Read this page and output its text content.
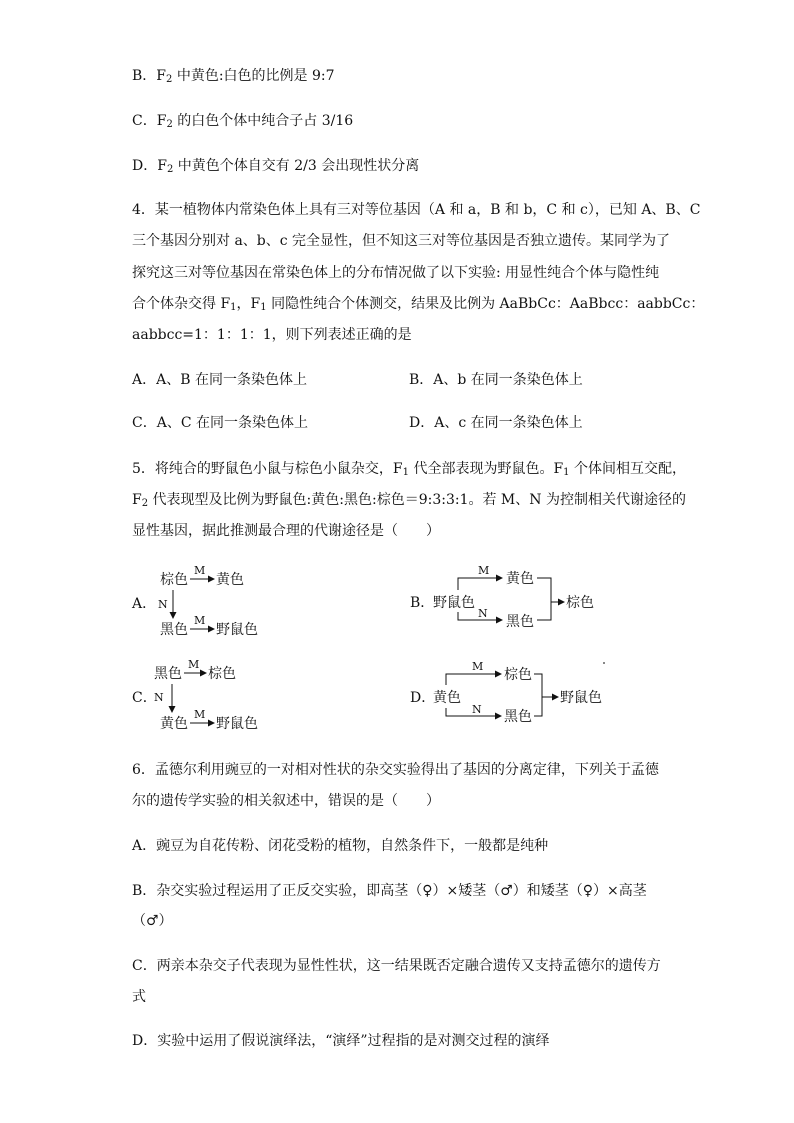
B．$F_2$ 中黄色:白色的比例是 9:7
C．$F_2$ 的白色个体中纯合子占 3/16
D．$F_2$ 中黄色个体自交有 2/3 会出现性状分离
4．某一植物体内常染色体上具有三对等位基因（A 和 a，B 和 b，C 和 c），已知 A、B、C
三个基因分别对 a、b、c 完全显性，但不知这三对等位基因是否独立遗传。某同学为了
探究这三对等位基因在常染色体上的分布情况做了以下实验: 用显性纯合个体与隐性纯
合个体杂交得 $F_1$，$F_1$ 同隐性纯合个体测交，结果及比例为 AaBbCc：AaBbcc：aabbCc：
aabbcc=1：1：1：1，则下列表述正确的是
A．A、B 在同一条染色体上	B．A、b 在同一条染色体上
C．A、C 在同一条染色体上	D．A、c 在同一条染色体上
5．将纯合的野鼠色小鼠与棕色小鼠杂交，$F_1$ 代全部表现为野鼠色。$F_1$ 个体间相互交配，
$F_2$ 代表现型及比例为野鼠色:黄色:黑色:棕色＝9:3:3:1。若 M、N 为控制相关代谢途径的
显性基因，据此推测最合理的代谢途径是（　　）
A．
棕色
M
黄色
N
黑色
M
野鼠色
B．
野鼠色
M
黄色
N
黑色
棕色
C．
黑色
M
棕色
N
黄色
M
野鼠色
D．
黄色
M
棕色
N 黑色
野鼠色
6．孟德尔利用豌豆的一对相对性状的杂交实验得出了基因的分离定律，下列关于孟德
尔的遗传学实验的相关叙述中，错误的是（　　）
A．豌豆为自花传粉、闭花受粉的植物，自然条件下，一般都是纯种
B．杂交实验过程运用了正反交实验，即高茎（♀）×矮茎（♂）和矮茎（♀）×高茎
（♂）
C．两亲本杂交子代表现为显性性状，这一结果既否定融合遗传又支持孟德尔的遗传方
式
D．实验中运用了假说演绎法，“演绎”过程指的是对测交过程的演绎
